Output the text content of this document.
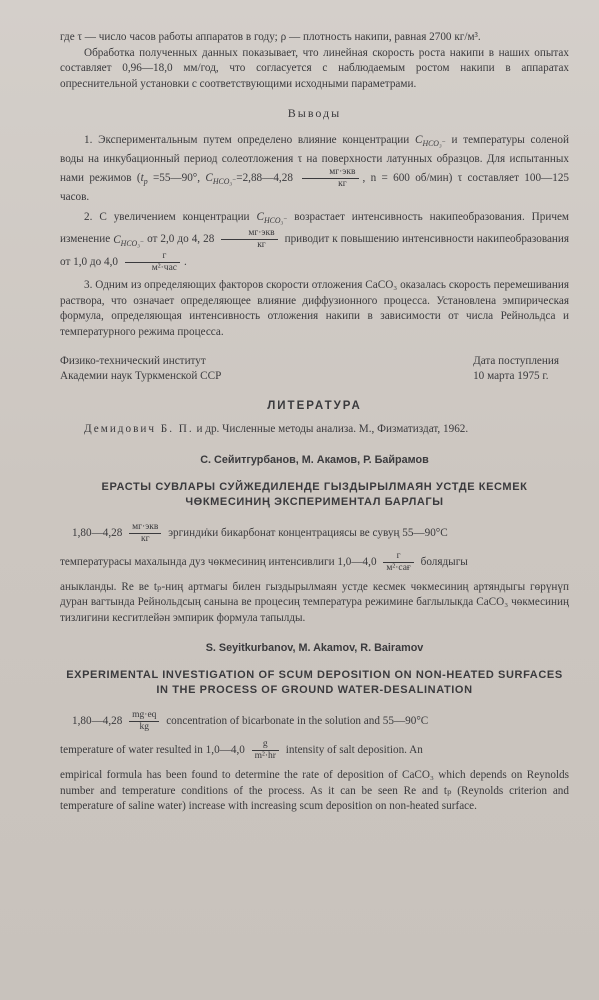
где τ — число часов работы аппаратов в году; ρ — плотность накипи, равная 2700 кг/м³.

Обработка полученных данных показывает, что линейная скорость роста накипи в наших опытах составляет 0,96—18,0 мм/год, что согласуется с наблюдаемым ростом накипи в аппаратах опреснительной установки с соответствующими исходными параметрами.

Выводы

1. Экспериментальным путем определено влияние концентрации $C_{HCO_3^-}$ и температуры соленой воды на инкубационный период солеотложения τ на поверхности латунных образцов. Для испытанных нами режимов ($t_p$ =55—90°, $C_{HCO_3^-}=2,88—4,28 \frac{\text{мг·экв}}{кг}$ , n = 600 об/мин) τ составляет 100—125 часов.

2. С увеличением концентрации $C_{HCO_3^-}$ возрастает интенсивность накипеобразования. Причем изменение $C_{HCO_3^-}$ от 2,0 до 4, $28 \frac{\text{мг·экв}}{кг}$ приводит к повышению интенсивности накипеобразования от 1,0 до $4,0 \frac{г}{\text{м²·час}}$ .

3. Одним из определяющих факторов скорости отложения CaCO₃ оказалась скорость перемешивания раствора, что означает определяющее влияние диффузионного процесса. Установлена эмпирическая формула, определяющая интенсивность отложения накипи в зависимости от числа Рейнольдса и температурного режима процесса.

Физико-технический институт
Академии наук Туркменской ССР
Дата поступления
10 марта 1975 г.
ЛИТЕРАТУРА

Демидович Б. П. и др. Численные методы анализа. М., Физматиздат, 1962.

С. Сейитгурбанов, М. Акамов, Р. Байрамов
ЕРАСТЫ СУВЛАРЫ СУЙЖЕДИЛЕНДЕ ГЫЗДЫРЫЛМАЯН УСТДЕ КЕСМЕК ЧӨКМЕСИНИҢ ЭКСПЕРИМЕНТАЛ БАРЛАГЫ
1,80—4,28 $\frac{\text{мг·экв}}{кг}$ эргинди̇ки бикарбонат концентрациясы ве сувуң 55—90°C
температурасы махалында дуз чөкмесиниң интенсивлиги 1,0—4,0 $\frac{г}{\text{м²·сағ}}$ болядыгы

аныкланды. Re ве tₚ-ниң артмагы билен гыздырылмаян устде кесмек чөкмесиниң артяндыгы гөрүнүп дуран вагтында Рейнольдсың санына ве процесиң температура режимине баглылыкда CaCO₃ чөкмесиниң тизлигини кесгитлейән эмпирик формула тапылды.

S. Seyitkurbanov, M. Akamov, R. Bairamov
EXPERIMENTAL INVESTIGATION OF SCUM DEPOSITION ON NON-HEATED SURFACES IN THE PROCESS OF GROUND WATER-DESALINATION
1,80—4,28 $\frac{mg\cdot eq}{kg}$ concentration of bicarbonate in the solution and 55—90°C
temperature of water resulted in 1,0—4,0 $\frac{g}{\text{m²·hr}}$ intensity of salt deposition. An

empirical formula has been found to determine the rate of deposition of CaCO₃ which depends on Reynolds number and temperature conditions of the process. As it can be seen Re and tₚ (Reynolds criterion and temperature of saline water) increase with increasing scum deposition on non-heated surface.
